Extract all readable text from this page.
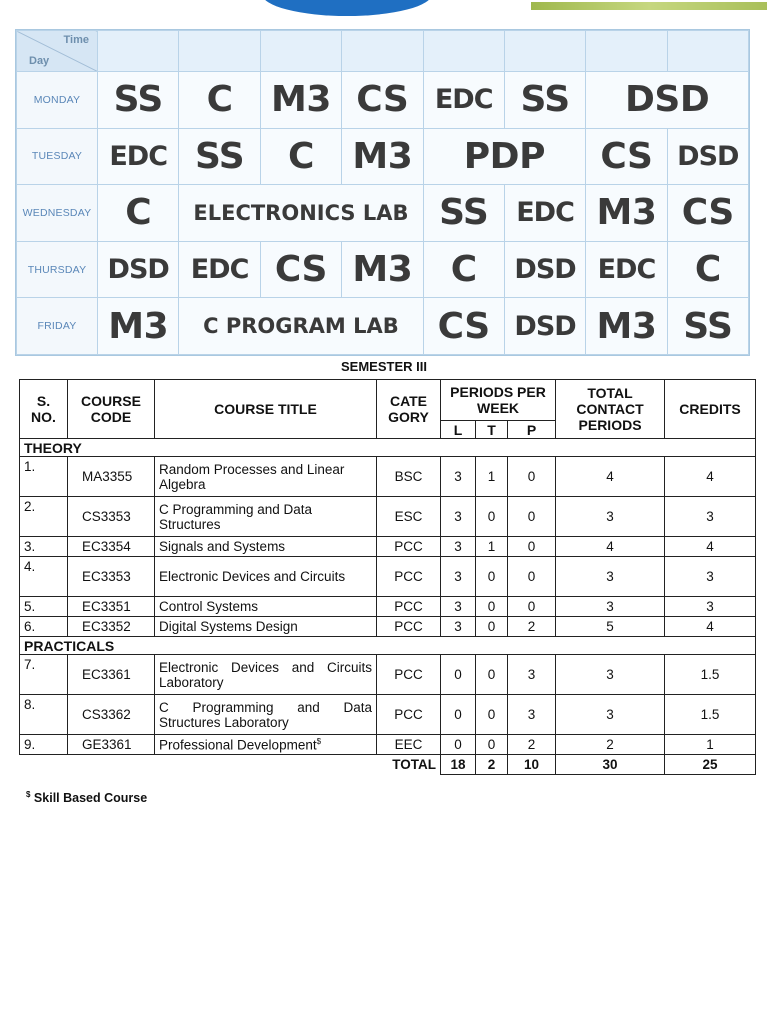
Time
Day								

MONDAY	SS	C	M3	CS	EDC	SS	DSD	
TUESDAY	EDC	SS	C	M3	PDP		CS	DSD
WEDNESDAY	C	ELECTRONICS LAB			SS	EDC	M3	CS
THURSDAY	DSD	EDC	CS	M3	C	DSD	EDC	C
FRIDAY	M3	C PROGRAM LAB			CS	DSD	M3	SS
SEMESTER III
S. NO.	COURSE CODE	COURSE TITLE	CATE GORY	PERIODS PER WEEK			TOTAL CONTACT PERIODS	CREDITS
				L	T	P		
THEORY								
1.	MA3355	Random Processes and Linear Algebra	BSC	3	1	0	4	4
2.	CS3353	C Programming and Data Structures	ESC	3	0	0	3	3
3.	EC3354	Signals and Systems	PCC	3	1	0	4	4
4.	EC3353	Electronic Devices and Circuits	PCC	3	0	0	3	3
5.	EC3351	Control Systems	PCC	3	0	0	3	3
6.	EC3352	Digital Systems Design	PCC	3	0	2	5	4
PRACTICALS								
7.	EC3361	Electronic Devices and Circuits Laboratory	PCC	0	0	3	3	1.5
8.	CS3362	C Programming and Data Structures Laboratory	PCC	0	0	3	3	1.5
9.	GE3361	Professional Development$	EEC	0	0	2	2	1
TOTAL				18	2	10	30	25
$ Skill Based Course
